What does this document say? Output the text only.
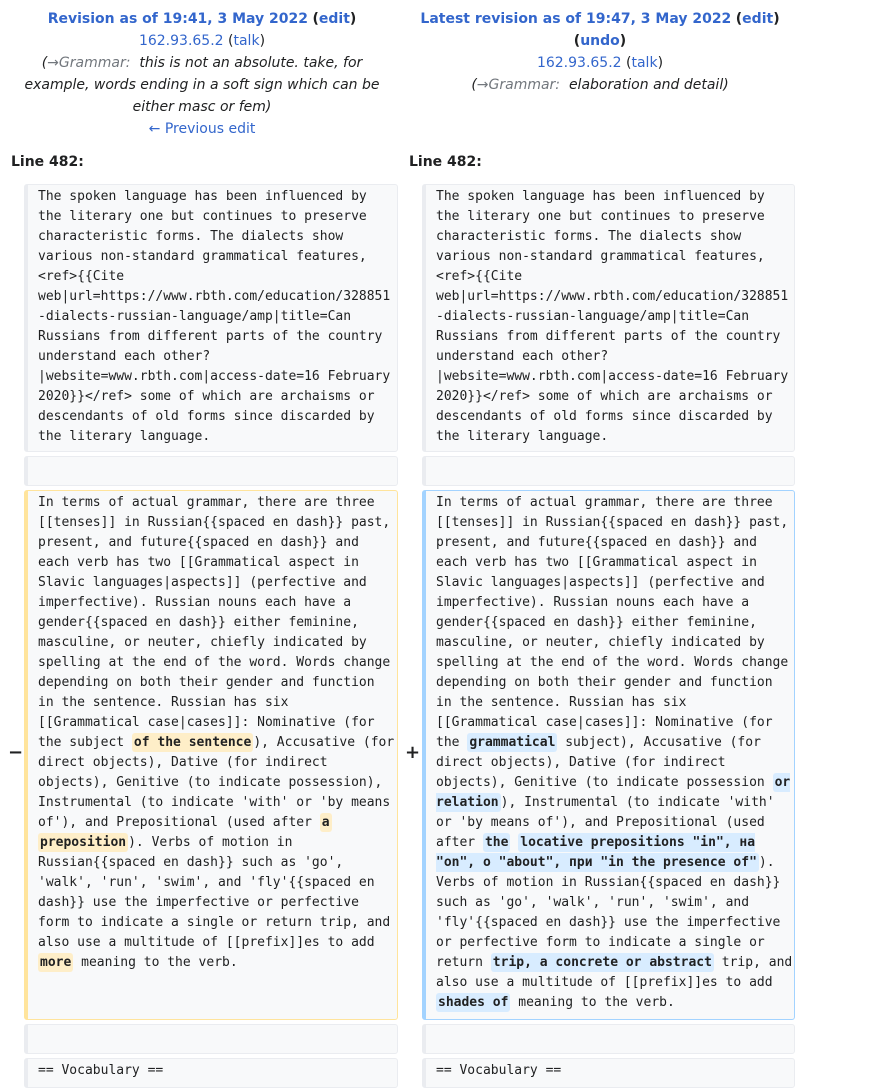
Revision as of 19:41, 3 May 2022 (edit)
162.93.65.2 (talk)
(→Grammar: this is not an absolute. take, for example, words ending in a soft sign which can be either masc or fem)
← Previous edit
Latest revision as of 19:47, 3 May 2022 (edit)
(undo)
162.93.65.2 (talk)
(→Grammar: elaboration and detail)
Line 482:	Line 482:
The spoken language has been influenced by
the literary one but continues to preserve
characteristic forms. The dialects show
various non-standard grammatical features,
<ref>{{Cite
web|url=https://www.rbth.com/education/328851
-dialects-russian-language/amp|title=Can
Russians from different parts of the country
understand each other?
|website=www.rbth.com|access-date=16 February
2020}}</ref> some of which are archaisms or
descendants of old forms since discarded by
the literary language.
The spoken language has been influenced by
the literary one but continues to preserve
characteristic forms. The dialects show
various non-standard grammatical features,
<ref>{{Cite
web|url=https://www.rbth.com/education/328851
-dialects-russian-language/amp|title=Can
Russians from different parts of the country
understand each other?
|website=www.rbth.com|access-date=16 February
2020}}</ref> some of which are archaisms or
descendants of old forms since discarded by
the literary language.
−	+
In terms of actual grammar, there are three
[[tenses]] in Russian{{spaced en dash}} past,
present, and future{{spaced en dash}} and
each verb has two [[Grammatical aspect in
Slavic languages|aspects]] (perfective and
imperfective). Russian nouns each have a
gender{{spaced en dash}} either feminine,
masculine, or neuter, chiefly indicated by
spelling at the end of the word. Words change
depending on both their gender and function
in the sentence. Russian has six
[[Grammatical case|cases]]: Nominative (for
the subject of the sentence ), Accusative (for
direct objects), Dative (for indirect
objects), Genitive (to indicate possession),
Instrumental (to indicate 'with' or 'by means
of'), and Prepositional (used after a
preposition ). Verbs of motion in
Russian{{spaced en dash}} such as 'go',
'walk', 'run', 'swim', and 'fly'{{spaced en
dash}} use the imperfective or perfective
form to indicate a single or return trip, and
also use a multitude of [[prefix]]es to add
more meaning to the verb.
In terms of actual grammar, there are three
[[tenses]] in Russian{{spaced en dash}} past,
present, and future{{spaced en dash}} and
each verb has two [[Grammatical aspect in
Slavic languages|aspects]] (perfective and
imperfective). Russian nouns each have a
gender{{spaced en dash}} either feminine,
masculine, or neuter, chiefly indicated by
spelling at the end of the word. Words change
depending on both their gender and function
in the sentence. Russian has six
[[Grammatical case|cases]]: Nominative (for
the grammatical subject), Accusative (for
direct objects), Dative (for indirect
objects), Genitive (to indicate possession or
relation ), Instrumental (to indicate 'with'
or 'by means of'), and Prepositional (used
after the locative prepositions "in", на
"on", о "about", при "in the presence of" ).
Verbs of motion in Russian{{spaced en dash}}
such as 'go', 'walk', 'run', 'swim', and
'fly'{{spaced en dash}} use the imperfective
or perfective form to indicate a single or
return trip, a concrete or abstract trip, and
also use a multitude of [[prefix]]es to add
shades of meaning to the verb.
== Vocabulary ==	== Vocabulary ==
